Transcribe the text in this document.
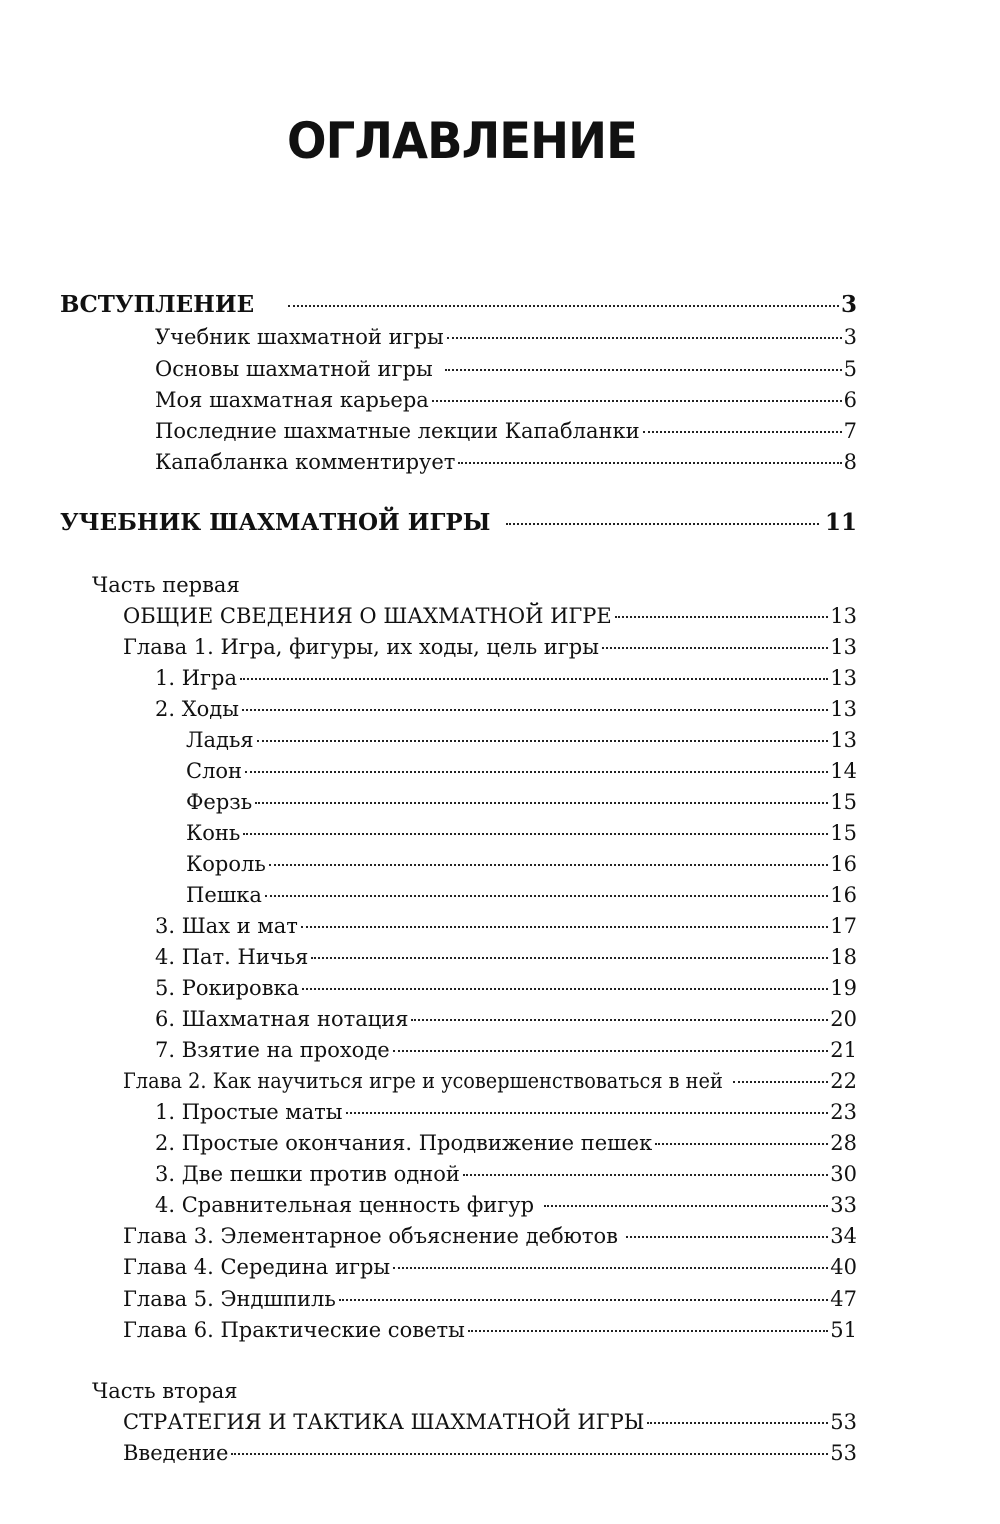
ОГЛАВЛЕНИЕ
ВСТУПЛЕНИЕ	3
Учебник шахматной игры	3
Основы шахматной игры	5
Моя шахматная карьера	6
Последние шахматные лекции Капабланки	7
Капабланка комментирует	8
УЧЕБНИК ШАХМАТНОЙ ИГРЫ	11
Часть первая
ОБЩИЕ СВЕДЕНИЯ О ШАХМАТНОЙ ИГРЕ	13
Глава 1. Игра, фигуры, их ходы, цель игры	13
1. Игра	13
2. Ходы	13
Ладья	13
Слон	14
Ферзь	15
Конь	15
Король	16
Пешка	16
3. Шах и мат	17
4. Пат. Ничья	18
5. Рокировка	19
6. Шахматная нотация	20
7. Взятие на проходе	21
Глава 2. Как научиться игре и усовершенствоваться в ней	22
1. Простые маты	23
2. Простые окончания. Продвижение пешек	28
3. Две пешки против одной	30
4. Сравнительная ценность фигур	33
Глава 3. Элементарное объяснение дебютов	34
Глава 4. Середина игры	40
Глава 5. Эндшпиль	47
Глава 6. Практические советы	51
Часть вторая
СТРАТЕГИЯ И ТАКТИКА ШАХМАТНОЙ ИГРЫ	53
Введение	53
